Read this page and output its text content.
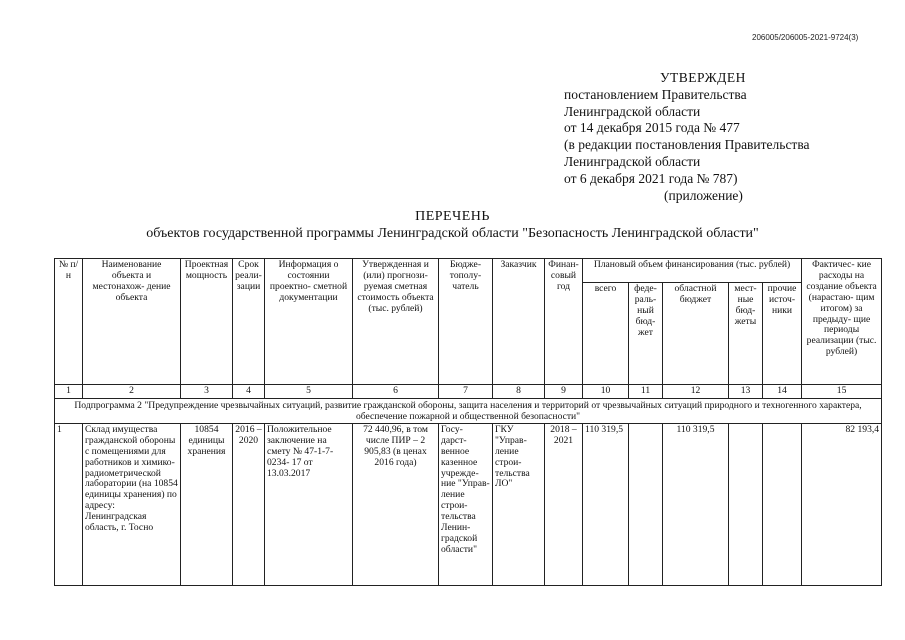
206005/206005-2021-9724(3)
УТВЕРЖДЕН
постановлением Правительства
Ленинградской области
от 14 декабря 2015 года № 477
(в редакции постановления Правительства
Ленинградской области
от 6 декабря 2021 года № 787)
(приложение)
ПЕРЕЧЕНЬ
объектов государственной программы Ленинградской области "Безопасность Ленинградской области"
№ п/н	Наименование объекта и местонахож- дение объекта	Проектная мощность	Срок реали- зации	Информация о состоянии проектно- сметной документации	Утвержденная и (или) прогнози- руемая сметная стоимость объекта (тыс. рублей)	Бюдже- тополу- чатель	Заказчик	Финан- совый год	Плановый объем финансирования (тыс. рублей)					Фактичес- кие расходы на создание объекта (нарастаю- щим итогом) за предыду- щие периоды реализации (тыс. рублей)
									всего	феде- раль- ный бюд- жет	областной бюджет	мест- ные бюд- жеты	прочие источ- ники	
1	2	3	4	5	6	7	8	9	10	11	12	13	14	15
Подпрограмма 2 "Предупреждение чрезвычайных ситуаций, развитие гражданской обороны, защита населения и территорий от чрезвычайных ситуаций природного и техногенного характера, обеспечение пожарной и общественной безопасности"														
1	Склад имущества гражданской обороны с помещениями для работников и химико- радиометрической лаборатории (на 10854 единицы хранения) по адресу: Ленинградская область, г. Тосно	10854 единицы хранения	2016 – 2020	Положительное заключение на смету № 47-1-7-0234- 17 от 13.03.2017	72 440,96, в том числе ПИР – 2 905,83 (в ценах 2016 года)	Госу- дарст- венное казенное учрежде- ние "Управ- ление строи- тельства Ленин- градской области"	ГКУ "Управ- ление строи- тельства ЛО"	2018 – 2021	110 319,5		110 319,5			82 193,4
